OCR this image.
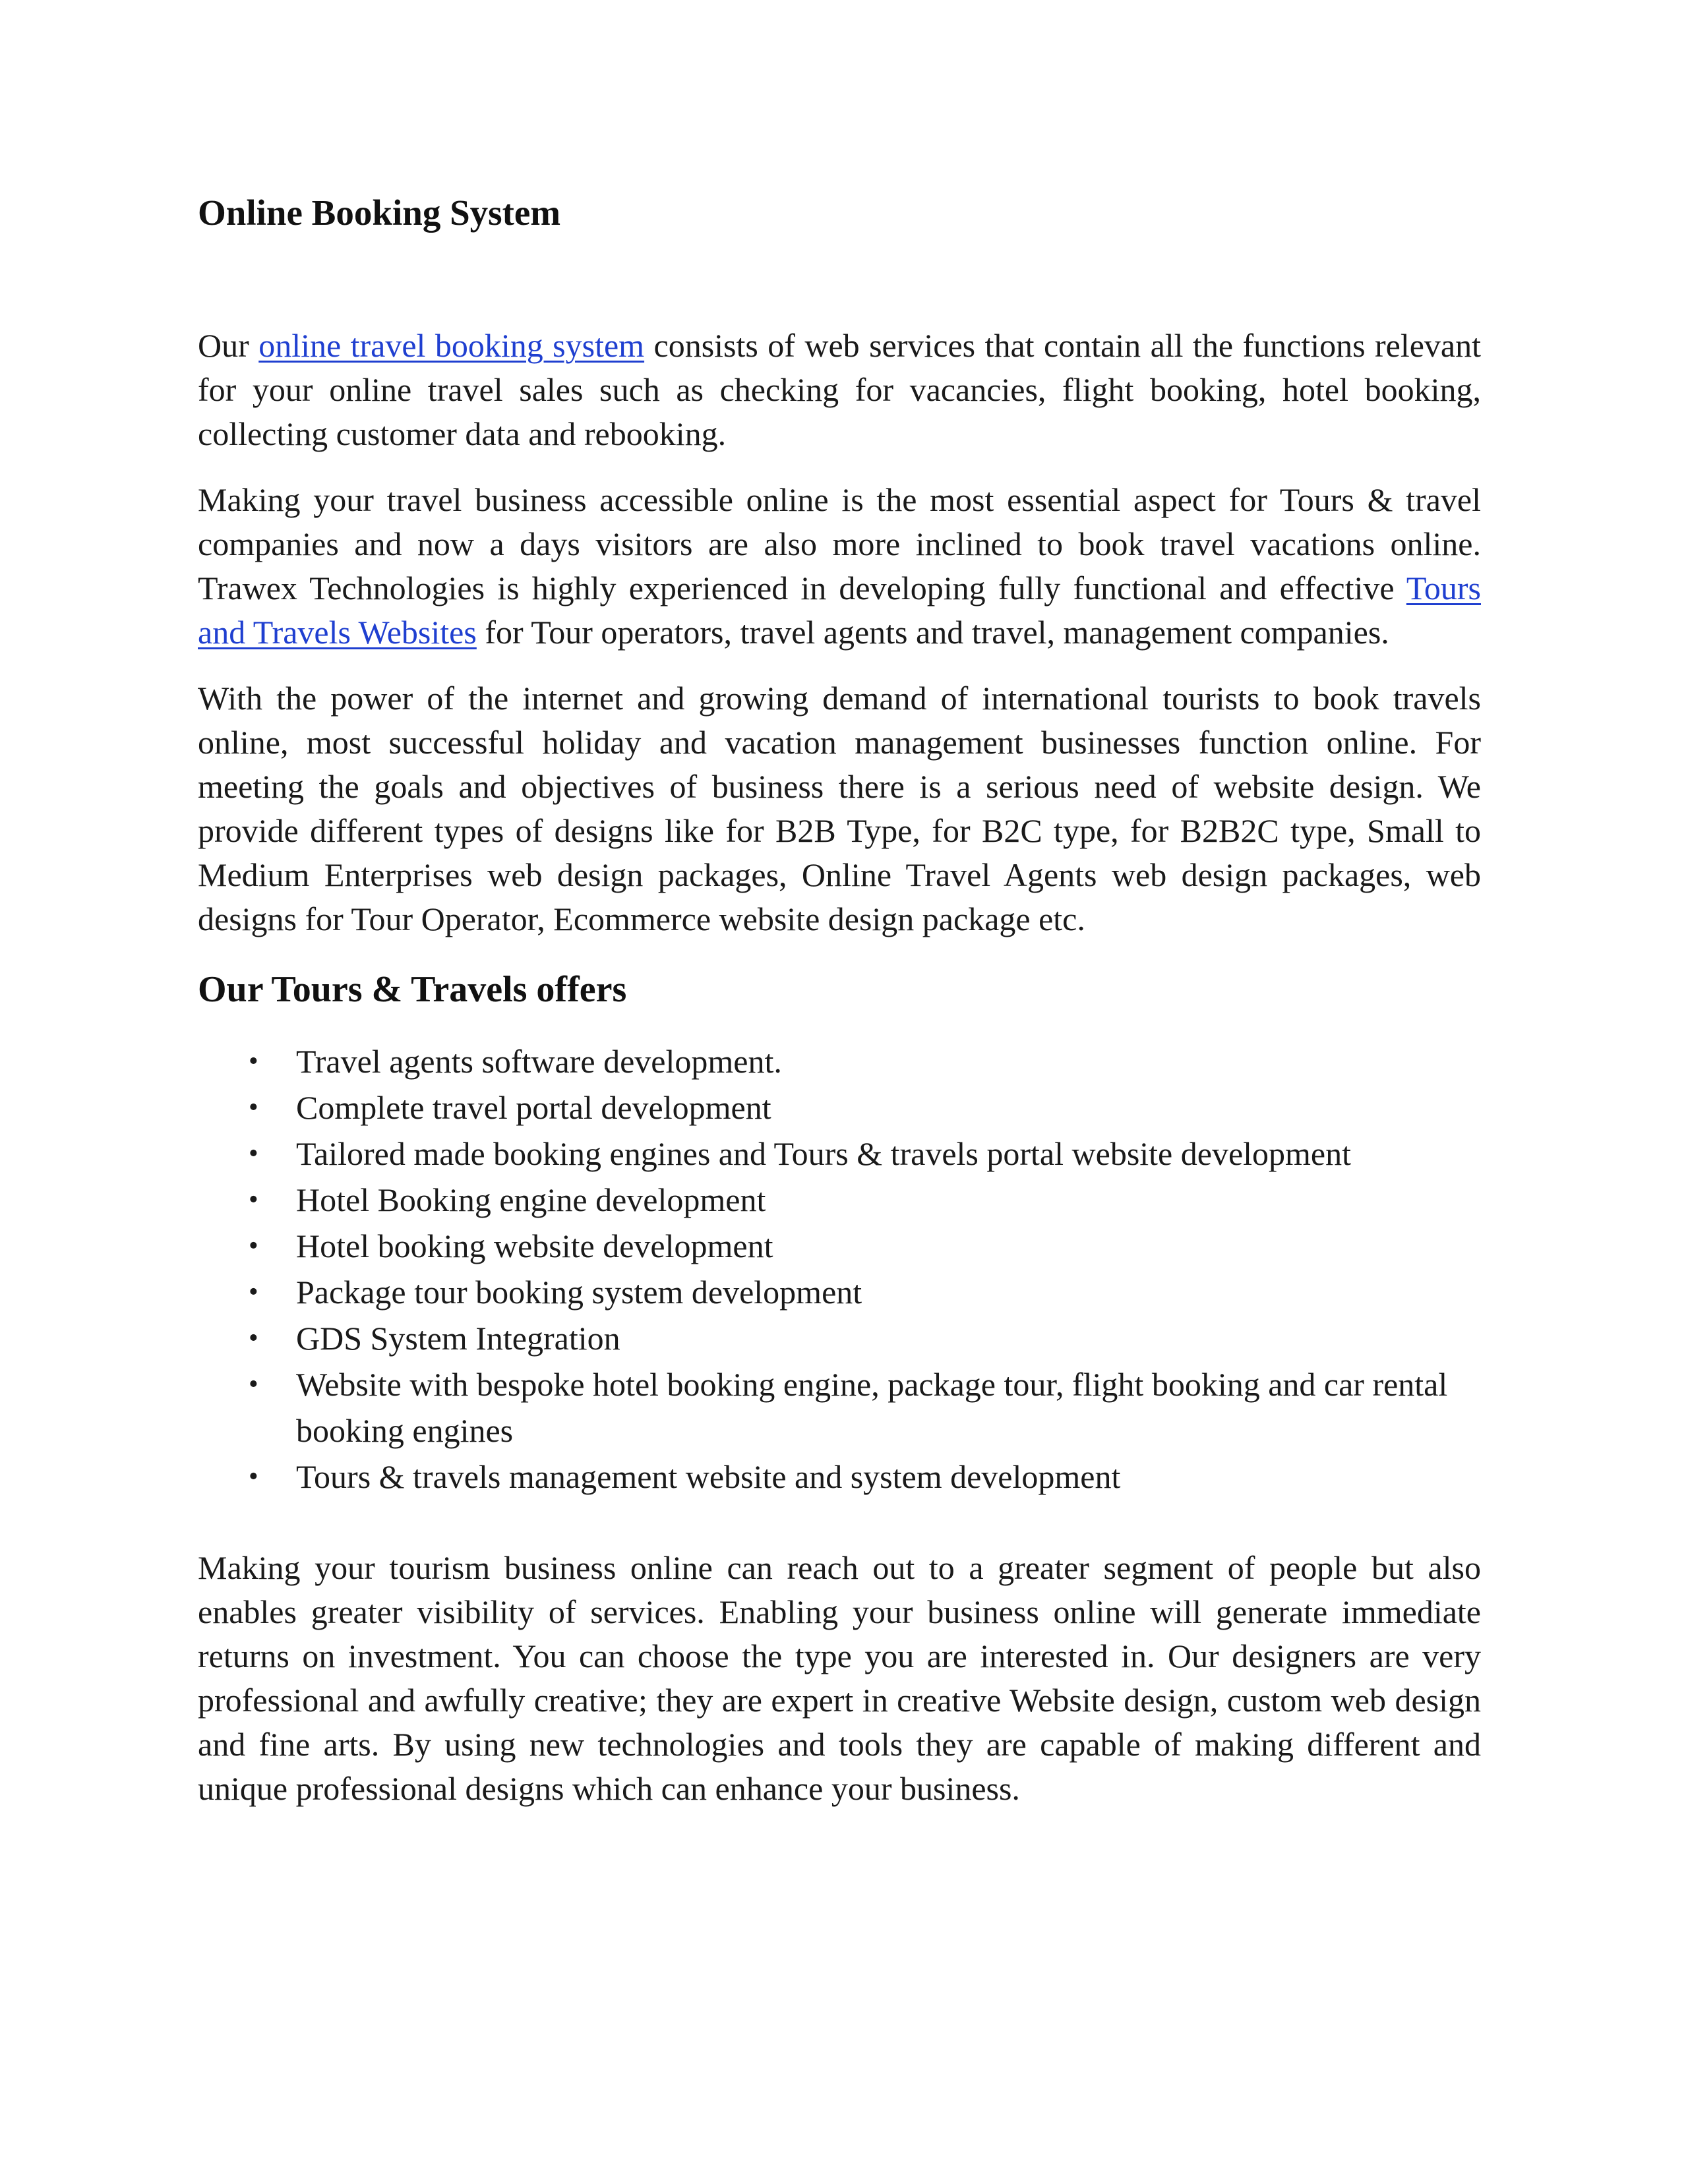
Online Booking System

Our online travel booking system consists of web services that contain all the functions relevant for your online travel sales such as checking for vacancies, flight booking, hotel booking, collecting customer data and rebooking.

Making your travel business accessible online is the most essential aspect for Tours & travel companies and now a days visitors are also more inclined to book travel vacations online. Trawex Technologies is highly experienced in developing fully functional and effective Tours and Travels Websites for Tour operators, travel agents and travel, management companies.

With the power of the internet and growing demand of international tourists to book travels online, most successful holiday and vacation management businesses function online. For meeting the goals and objectives of business there is a serious need of website design. We provide different types of designs like for B2B Type, for B2C type, for B2B2C type, Small to Medium Enterprises web design packages, Online Travel Agents web design packages, web designs for Tour Operator, Ecommerce website design package etc.

Our Tours & Travels offers
•	Travel agents software development.
•	Complete travel portal development
•	Tailored made booking engines and Tours & travels portal website development
•	Hotel Booking engine development
•	Hotel booking website development
•	Package tour booking system development
•	GDS System Integration
•	Website with bespoke hotel booking engine, package tour, flight booking and car rental booking engines
•	Tours & travels management website and system development

Making your tourism business online can reach out to a greater segment of people but also enables greater visibility of services. Enabling your business online will generate immediate returns on investment. You can choose the type you are interested in. Our designers are very professional and awfully creative; they are expert in creative Website design, custom web design and fine arts. By using new technologies and tools they are capable of making different and unique professional designs which can enhance your business.
